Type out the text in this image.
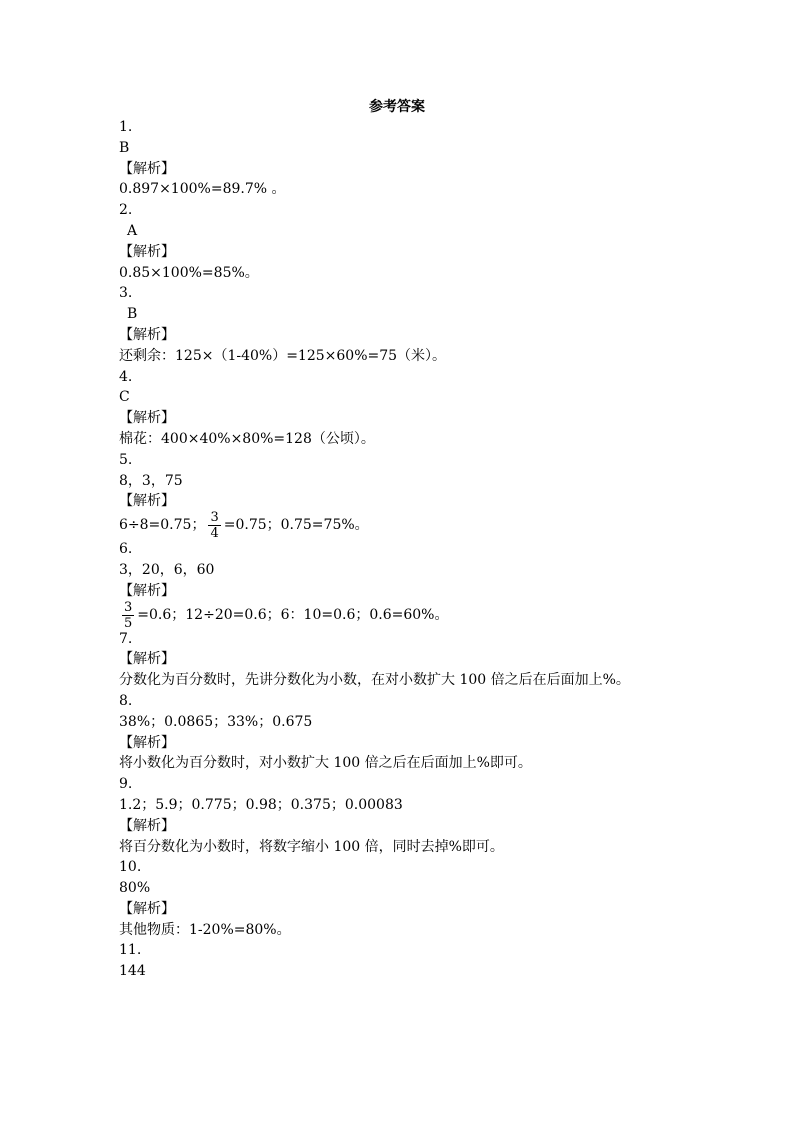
参考答案
1.
B
【解析】
0.897×100%=89.7% 。
2.
A
【解析】
0.85×100%=85%。
3.
B
【解析】
还剩余：125×（1-40%）=125×60%=75（米）。
4.
C
【解析】
棉花：400×40%×80%=128（公顷）。
5.
8，3，75
【解析】
6÷8=0.75； $\frac{3}{4} =0.75$；0.75=75%。
6.
3，20，6，60
【解析】
$\frac{3}{5} =0.6$；12÷20=0.6；6：10=0.6；0.6=60%。
7.
【解析】
分数化为百分数时，先讲分数化为小数，在对小数扩大 100 倍之后在后面加上%。
8.
38%；0.0865；33%；0.675
【解析】
将小数化为百分数时，对小数扩大 100 倍之后在后面加上%即可。
9.
1.2；5.9；0.775；0.98；0.375；0.00083
【解析】
将百分数化为小数时，将数字缩小 100 倍，同时去掉%即可。
10.
80%
【解析】
其他物质：1-20%=80%。
11.
144
